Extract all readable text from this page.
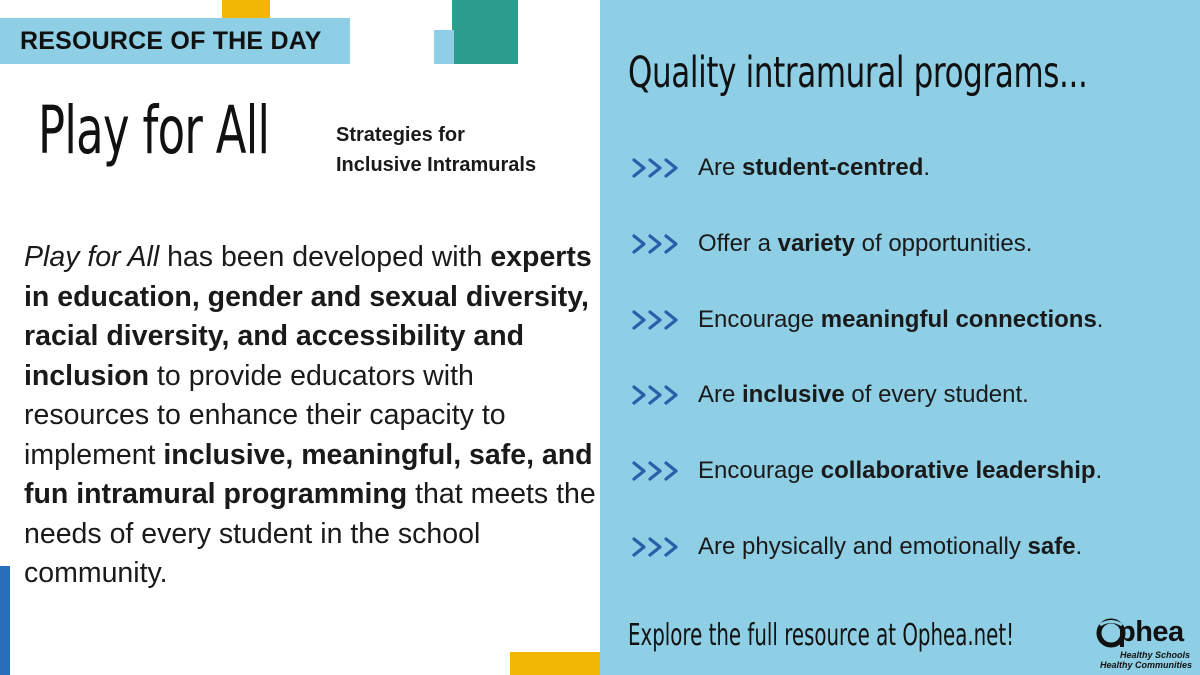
RESOURCE OF THE DAY
Play for All	Strategies for
Inclusive Intramurals

Play for All has been developed with experts in education, gender and sexual diversity, racial diversity, and accessibility and inclusion to provide educators with resources to enhance their capacity to implement inclusive, meaningful, safe, and fun intramural programming that meets the needs of every student in the school community.

Quality intramural programs...
Are student-centred.
Offer a variety of opportunities.
Encourage meaningful connections.
Are inclusive of every student.
Encourage collaborative leadership.
Are physically and emotionally safe.
Explore the full resource at Ophea.net!	phea
Healthy Schools
Healthy Communities
